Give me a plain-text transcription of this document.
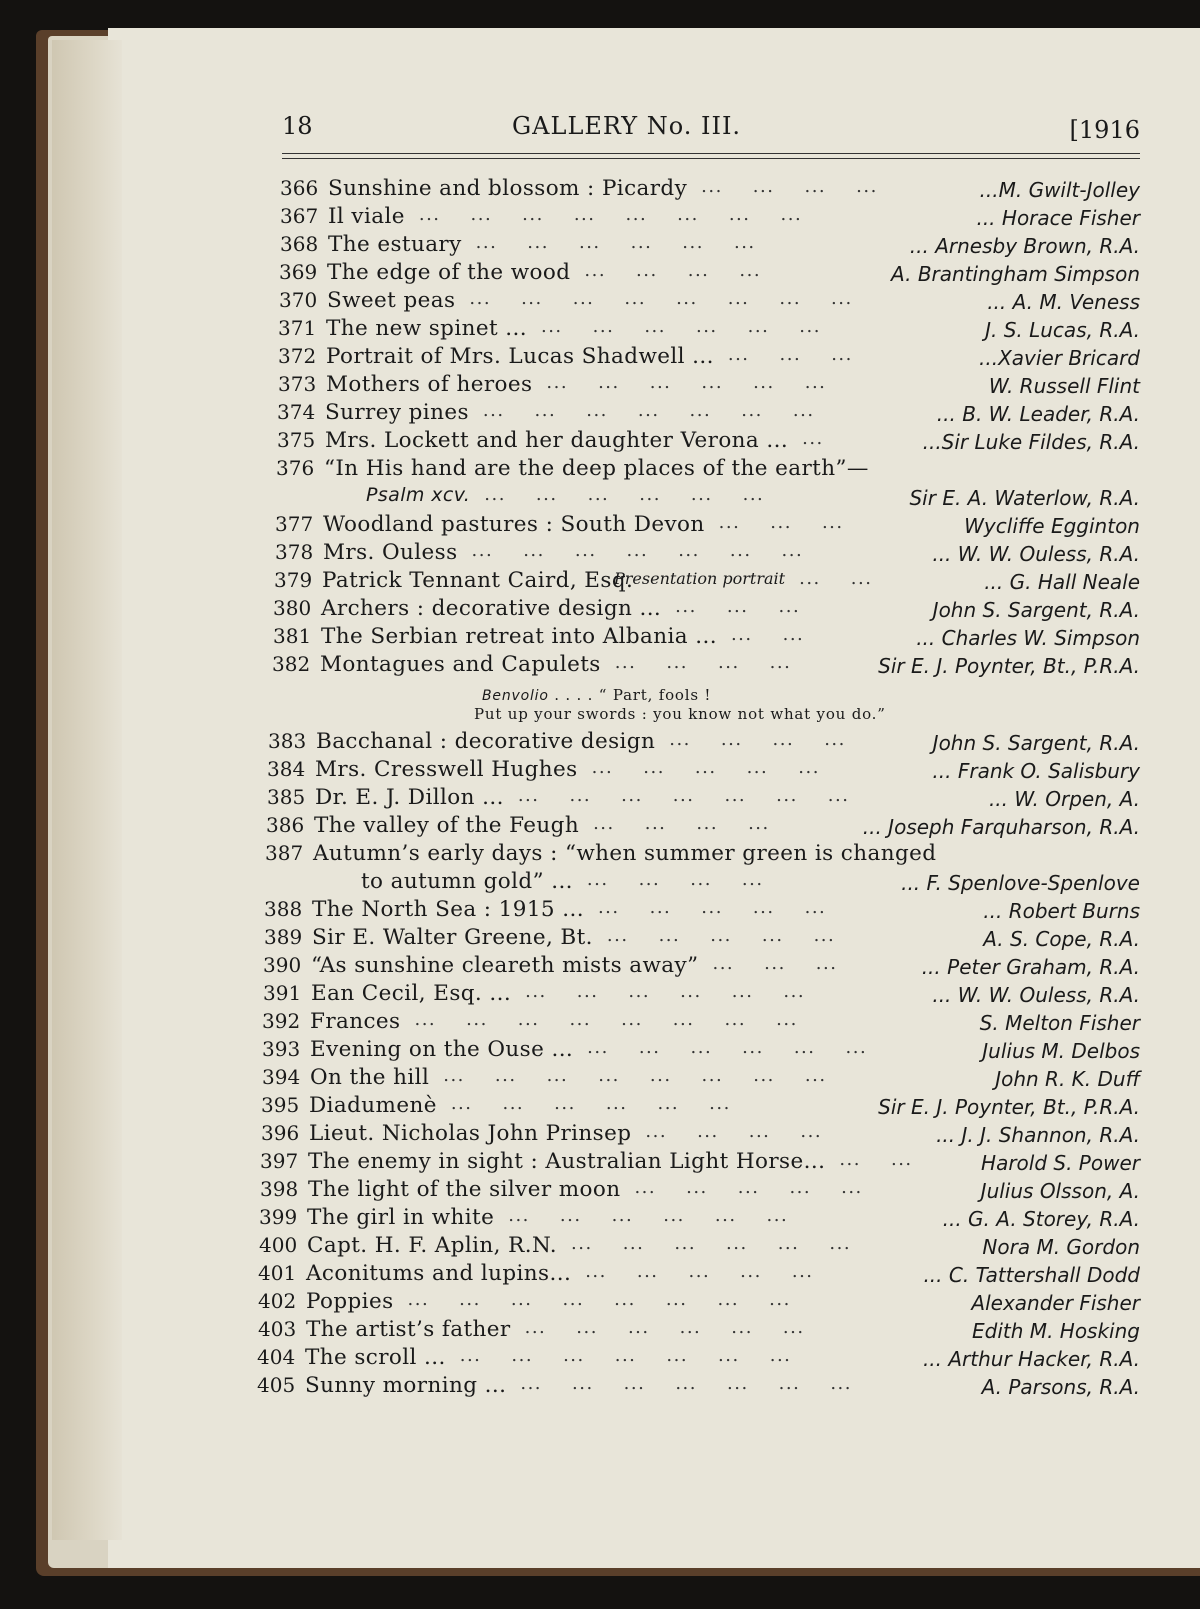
18	GALLERY No. III.	[1916
366 Sunshine and blossom : Picardy	...M. Gwilt-Jolley
...  ...  ...  ...  
367 Il viale	... Horace Fisher
...  ...  ...  ...  ...  ...  ...  ...  
368 The estuary	... Arnesby Brown, R.A.
...  ...  ...  ...  ...  ...  
369 The edge of the wood	A. Brantingham Simpson
...  ...  ...  ...  
370 Sweet peas	... A. M. Veness
...  ...  ...  ...  ...  ...  ...  ...  
371 The new spinet ...	J. S. Lucas, R.A.
...  ...  ...  ...  ...  ...  
372 Portrait of Mrs. Lucas Shadwell ...	...Xavier Bricard
...  ...  ...  
373 Mothers of heroes	W. Russell Flint
...  ...  ...  ...  ...  ...  
374 Surrey pines	... B. W. Leader, R.A.
...  ...  ...  ...  ...  ...  ...  
375 Mrs. Lockett and her daughter Verona ...	...Sir Luke Fildes, R.A.
...  
376 “In His hand are the deep places of the earth”—
Psalm xcv.	Sir E. A. Waterlow, R.A.
...  ...  ...  ...  ...  ...  
377 Woodland pastures : South Devon	Wycliffe Egginton
...  ...  ...  
378 Mrs. Ouless	... W. W. Ouless, R.A.
...  ...  ...  ...  ...  ...  ...  
379 Patrick Tennant Caird, Esq.
Presentation portrait	... G. Hall Neale
...  ...  
380 Archers : decorative design ...	John S. Sargent, R.A.
...  ...  ...  
381 The Serbian retreat into Albania ...	... Charles W. Simpson
...  ...  
382 Montagues and Capulets	Sir E. J. Poynter, Bt., P.R.A.
...  ...  ...  ...  
383 Bacchanal : decorative design	John S. Sargent, R.A.
...  ...  ...  ...  
384 Mrs. Cresswell Hughes	... Frank O. Salisbury
...  ...  ...  ...  ...  
385 Dr. E. J. Dillon ...	... W. Orpen, A.
...  ...  ...  ...  ...  ...  ...  
386 The valley of the Feugh	... Joseph Farquharson, R.A.
...  ...  ...  ...  
387 Autumn’s early days : “when summer green is changed
to autumn gold” ...	... F. Spenlove-Spenlove
...  ...  ...  ...  
388 The North Sea : 1915 ...	... Robert Burns
...  ...  ...  ...  ...  
389 Sir E. Walter Greene, Bt.	A. S. Cope, R.A.
...  ...  ...  ...  ...  
390 “As sunshine cleareth mists away”	... Peter Graham, R.A.
...  ...  ...  
391 Ean Cecil, Esq. ...	... W. W. Ouless, R.A.
...  ...  ...  ...  ...  ...  
392 Frances	S. Melton Fisher
...  ...  ...  ...  ...  ...  ...  ...  
393 Evening on the Ouse ...	Julius M. Delbos
...  ...  ...  ...  ...  ...  
394 On the hill	John R. K. Duff
...  ...  ...  ...  ...  ...  ...  ...  
395 Diadumenè	Sir E. J. Poynter, Bt., P.R.A.
...  ...  ...  ...  ...  ...  
396 Lieut. Nicholas John Prinsep	... J. J. Shannon, R.A.
...  ...  ...  ...  
397 The enemy in sight : Australian Light Horse...	Harold S. Power
...  ...  
398 The light of the silver moon	Julius Olsson, A.
...  ...  ...  ...  ...  
399 The girl in white	... G. A. Storey, R.A.
...  ...  ...  ...  ...  ...  
400 Capt. H. F. Aplin, R.N.	Nora M. Gordon
...  ...  ...  ...  ...  ...  
401 Aconitums and lupins...	... C. Tattershall Dodd
...  ...  ...  ...  ...  
402 Poppies	Alexander Fisher
...  ...  ...  ...  ...  ...  ...  ...  
403 The artist’s father	Edith M. Hosking
...  ...  ...  ...  ...  ...  
404 The scroll ...	... Arthur Hacker, R.A.
...  ...  ...  ...  ...  ...  ...  
405 Sunny morning ...	A. Parsons, R.A.
...  ...  ...  ...  ...  ...  ...  
Benvolio . . . . “ Part, fools !
Put up your swords : you know not what you do.”
